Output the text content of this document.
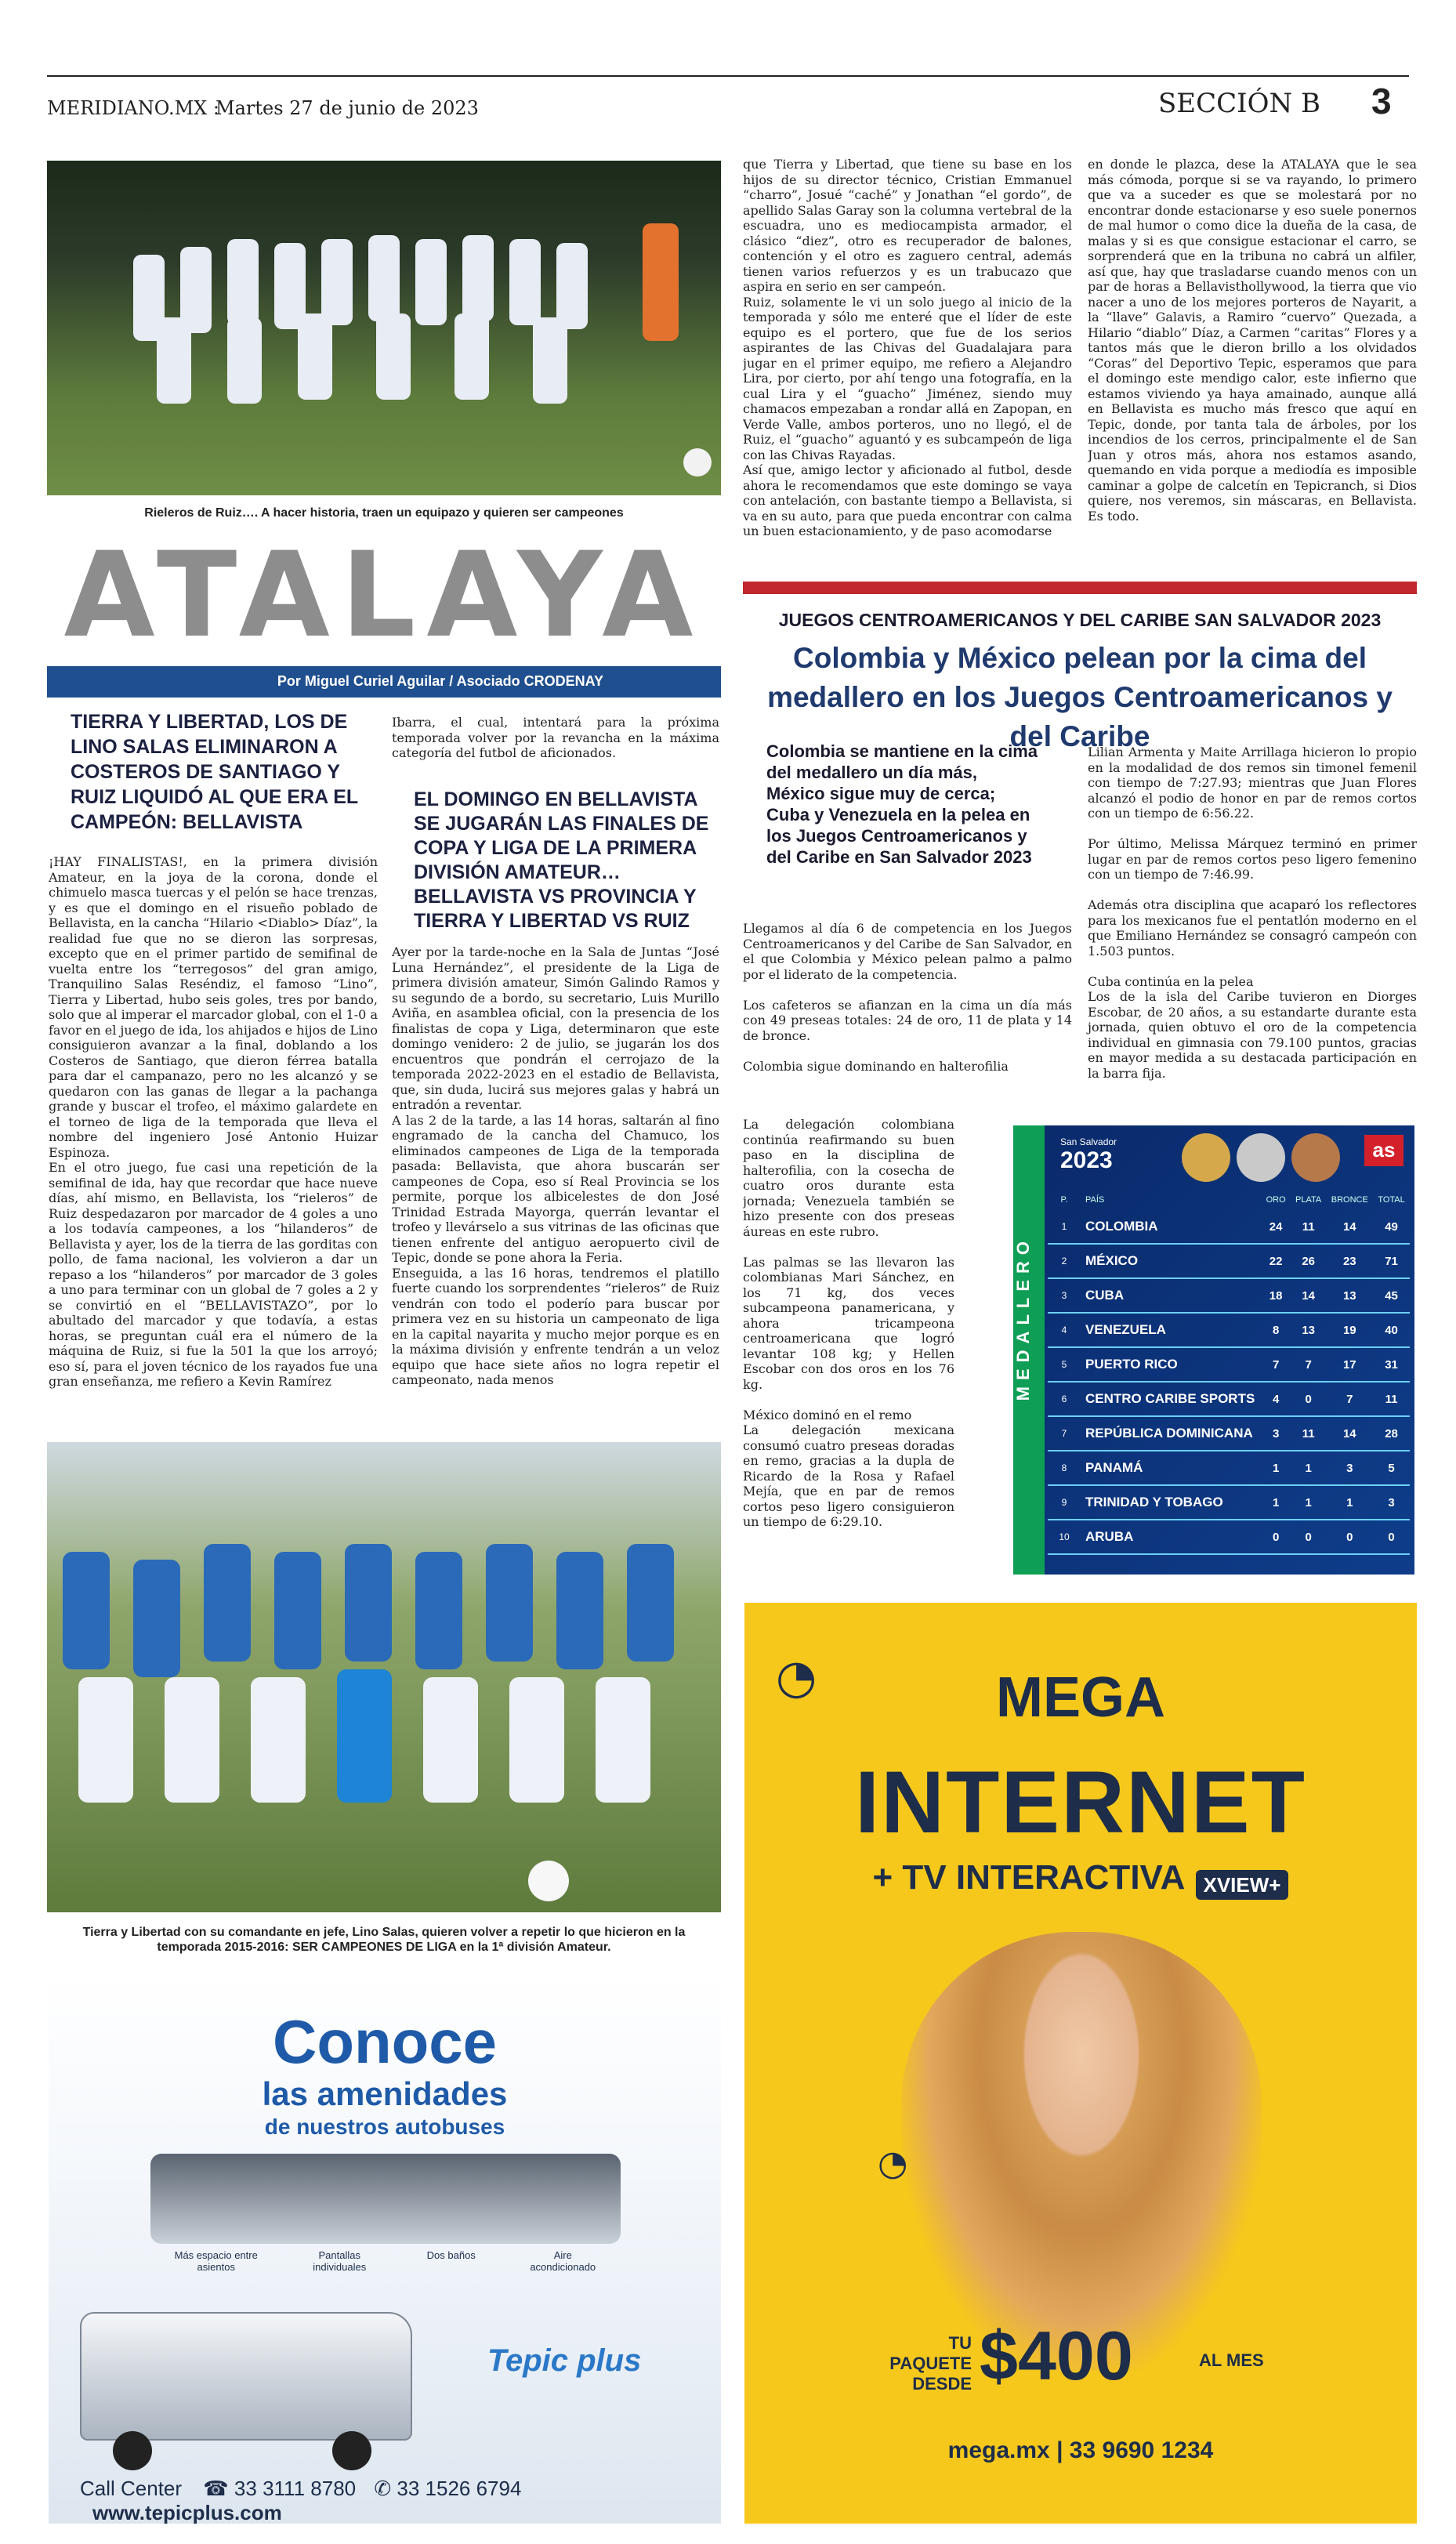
MERIDIANO.MX :
Martes 27 de junio de 2023	SECCIÓN B 3
Rieleros de Ruiz…. A hacer historia, traen un equipazo y quieren ser campeones
ATALAYA
Por Miguel Curiel Aguilar / Asociado CRODENAY
TIERRA Y LIBERTAD, LOS DE LINO SALAS ELIMINARON A COSTEROS DE SANTIAGO Y RUIZ LIQUIDÓ AL QUE ERA EL CAMPEÓN: BELLAVISTA

¡HAY FINALISTAS!, en la primera división Amateur, en la joya de la corona, donde el chimuelo masca tuercas y el pelón se hace trenzas, y es que el domingo en el risueño poblado de Bellavista, en la cancha “Hilario <Diablo> Díaz”, la realidad fue que no se dieron las sorpresas, excepto que en el primer partido de semifinal de vuelta entre los “terregosos” del gran amigo, Tranquilino Salas Reséndiz, el famoso “Lino”, Tierra y Libertad, hubo seis goles, tres por bando, solo que al imperar el marcador global, con el 1-0 a favor en el juego de ida, los ahijados e hijos de Lino consiguieron avanzar a la final, doblando a los Costeros de Santiago, que dieron férrea batalla para dar el campanazo, pero no les alcanzó y se quedaron con las ganas de llegar a la pachanga grande y buscar el trofeo, el máximo galardete en el torneo de liga de la temporada que lleva el nombre del ingeniero José Antonio Huizar Espinoza.
En el otro juego, fue casi una repetición de la semifinal de ida, hay que recordar que hace nueve días, ahí mismo, en Bellavista, los “rieleros” de Ruiz despedazaron por marcador de 4 goles a uno a los todavía campeones, a los “hilanderos” de Bellavista y ayer, los de la tierra de las gorditas con pollo, de fama nacional, les volvieron a dar un repaso a los “hilanderos” por marcador de 3 goles a uno para terminar con un global de 7 goles a 2 y se convirtió en el “BELLAVISTAZO”, por lo abultado del marcador y que todavía, a estas horas, se preguntan cuál era el número de la máquina de Ruiz, si fue la 501 la que los arroyó; eso sí, para el joven técnico de los rayados fue una gran enseñanza, me refiero a Kevin Ramírez

Ibarra, el cual, intentará para la próxima temporada volver por la revancha en la máxima categoría del futbol de aficionados.

EL DOMINGO EN BELLAVISTA SE JUGARÁN LAS FINALES DE COPA Y LIGA DE LA PRIMERA DIVISIÓN AMATEUR… BELLAVISTA VS PROVINCIA Y TIERRA Y LIBERTAD VS RUIZ

Ayer por la tarde-noche en la Sala de Juntas “José Luna Hernández”, el presidente de la Liga de primera división amateur, Simón Galindo Ramos y su segundo de a bordo, su secretario, Luis Murillo Aviña, en asamblea oficial, con la presencia de los finalistas de copa y Liga, determinaron que este domingo venidero: 2 de julio, se jugarán los dos encuentros que pondrán el cerrojazo de la temporada 2022-2023 en el estadio de Bellavista, que, sin duda, lucirá sus mejores galas y habrá un entradón a reventar.
A las 2 de la tarde, a las 14 horas, saltarán al fino engramado de la cancha del Chamuco, los eliminados campeones de Liga de la temporada pasada: Bellavista, que ahora buscarán ser campeones de Copa, eso sí Real Provincia se los permite, porque los albicelestes de don José Trinidad Estrada Mayorga, querrán levantar el trofeo y llevárselo a sus vitrinas de las oficinas que tienen enfrente del antiguo aeropuerto civil de Tepic, donde se pone ahora la Feria.
Enseguida, a las 16 horas, tendremos el platillo fuerte cuando los sorprendentes “rieleros” de Ruiz vendrán con todo el poderío para buscar por primera vez en su historia un campeonato de liga en la capital nayarita y mucho mejor porque es en la máxima división y enfrente tendrán a un veloz equipo que hace siete años no logra repetir el campeonato, nada menos

que Tierra y Libertad, que tiene su base en los hijos de su director técnico, Cristian Emmanuel “charro”, Josué “caché” y Jonathan “el gordo”, de apellido Salas Garay son la columna vertebral de la escuadra, uno es mediocampista armador, el clásico “diez”, otro es recuperador de balones, contención y el otro es zaguero central, además tienen varios refuerzos y es un trabucazo que aspira en serio en ser campeón.
Ruiz, solamente le vi un solo juego al inicio de la temporada y sólo me enteré que el líder de este equipo es el portero, que fue de los serios aspirantes de las Chivas del Guadalajara para jugar en el primer equipo, me refiero a Alejandro Lira, por cierto, por ahí tengo una fotografía, en la cual Lira y el “guacho” Jiménez, siendo muy chamacos empezaban a rondar allá en Zapopan, en Verde Valle, ambos porteros, uno no llegó, el de Ruiz, el “guacho” aguantó y es subcampeón de liga con las Chivas Rayadas.
Así que, amigo lector y aficionado al futbol, desde ahora le recomendamos que este domingo se vaya con antelación, con bastante tiempo a Bellavista, si va en su auto, para que pueda encontrar con calma un buen estacionamiento, y de paso acomodarse

en donde le plazca, dese la ATALAYA que le sea más cómoda, porque si se va rayando, lo primero que va a suceder es que se molestará por no encontrar donde estacionarse y eso suele ponernos de mal humor o como dice la dueña de la casa, de malas y si es que consigue estacionar el carro, se sorprenderá que en la tribuna no cabrá un alfiler, así que, hay que trasladarse cuando menos con un par de horas a Bellavisthollywood, la tierra que vio nacer a uno de los mejores porteros de Nayarit, a la “llave” Galavis, a Ramiro “cuervo” Quezada, a Hilario “diablo” Díaz, a Carmen “caritas” Flores y a tantos más que le dieron brillo a los olvidados “Coras” del Deportivo Tepic, esperamos que para el domingo este mendigo calor, este infierno que estamos viviendo ya haya amainado, aunque allá en Bellavista es mucho más fresco que aquí en Tepic, donde, por tanta tala de árboles, por los incendios de los cerros, principalmente el de San Juan y otros más, ahora nos estamos asando, quemando en vida porque a mediodía es imposible caminar a golpe de calcetín en Tepicranch, si Dios quiere, nos veremos, sin máscaras, en Bellavista. Es todo.

Tierra y Libertad con su comandante en jefe, Lino Salas, quieren volver a repetir lo que hicieron en la temporada 2015-2016: SER CAMPEONES DE LIGA en la 1ª división Amateur.
Conoce
las amenidades
de nuestros autobuses
Más espacio entre asientos
Pantallas individuales
Dos baños	Aire acondicionado
Tepic plus
Call Center ☎ 33 3111 8780 ✆ 33 1526 6794 www.tepicplus.com
JUEGOS CENTROAMERICANOS Y DEL CARIBE SAN SALVADOR 2023
Colombia y México pelean por la cima del medallero en los Juegos Centroamericanos y del Caribe
Colombia se mantiene en la cima del medallero un día más, México sigue muy de cerca; Cuba y Venezuela en la pelea en los Juegos Centroamericanos y del Caribe en San Salvador 2023

Llegamos al día 6 de competencia en los Juegos Centroamericanos y del Caribe de San Salvador, en el que Colombia y México pelean palmo a palmo por el liderato de la competencia.

Los cafeteros se afianzan en la cima un día más con 49 preseas totales: 24 de oro, 11 de plata y 14 de bronce.

Colombia sigue dominando en halterofilia

La delegación colombiana continúa reafirmando su buen paso en la disciplina de halterofilia, con la cosecha de cuatro oros durante esta jornada; Venezuela también se hizo presente con dos preseas áureas en este rubro.

Las palmas se las llevaron las colombianas Mari Sánchez, en los 71 kg, dos veces subcampeona panamericana, y ahora tricampeona centroamericana que logró levantar 108 kg; y Hellen Escobar con dos oros en los 76 kg.

México dominó en el remo
La delegación mexicana consumó cuatro preseas doradas en remo, gracias a la dupla de Ricardo de la Rosa y Rafael Mejía, que en par de remos cortos peso ligero consiguieron un tiempo de 6:29.10.

Lilian Armenta y Maite Arrillaga hicieron lo propio en la modalidad de dos remos sin timonel femenil con tiempo de 7:27.93; mientras que Juan Flores alcanzó el podio de honor en par de remos cortos con un tiempo de 6:56.22.

Por último, Melissa Márquez terminó en primer lugar en par de remos cortos peso ligero femenino con un tiempo de 7:46.99.

Además otra disciplina que acaparó los reflectores para los mexicanos fue el pentatlón moderno en el que Emiliano Hernández se consagró campeón con 1.503 puntos.

Cuba continúa en la pelea
Los de la isla del Caribe tuvieron en Diorges Escobar, de 20 años, a su estandarte durante esta jornada, quien obtuvo el oro de la competencia individual en gimnasia con 79.100 puntos, gracias en mayor medida a su destacada participación en la barra fija.

MEDALLERO
San Salvador
2023	as
P.	PAÍS	ORO	PLATA	BRONCE	TOTAL
1	COLOMBIA	24	11	14	49
2	MÉXICO	22	26	23	71
3	CUBA	18	14	13	45
4	VENEZUELA	8	13	19	40
5	PUERTO RICO	7	7	17	31
6	CENTRO CARIBE SPORTS	4	0	7	11
7	REPÚBLICA DOMINICANA	3	11	14	28
8	PANAMÁ	1	1	3	5
9	TRINIDAD Y TOBAGO	1	1	1	3
10	ARUBA	0	0	0	0
◔	MEGA
INTERNET
+ TV INTERACTIVA XVIEW+
◔
TU PAQUETE
DESDE $400	AL MES
mega.mx | 33 9690 1234
